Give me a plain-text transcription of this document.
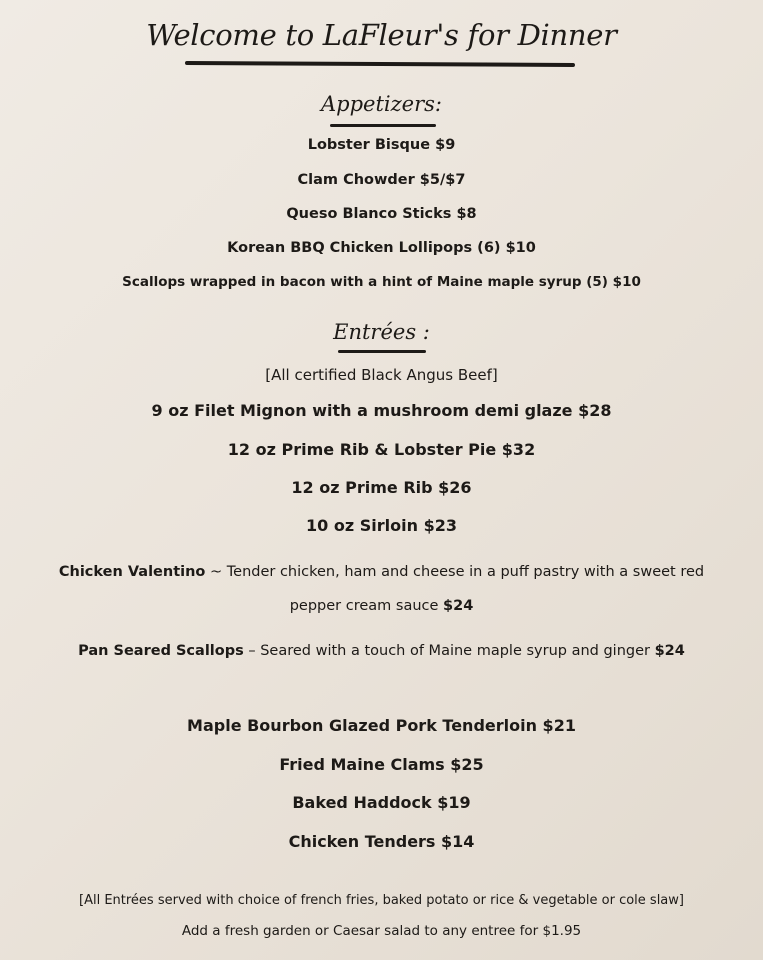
Welcome to LaFleur's for Dinner
Appetizers:
Lobster Bisque $9
Clam Chowder $5/$7
Queso Blanco Sticks $8
Korean BBQ Chicken Lollipops (6) $10
Scallops wrapped in bacon with a hint of Maine maple syrup (5) $10
Entrées :
[All certified Black Angus Beef]
9 oz Filet Mignon with a mushroom demi glaze $28
12 oz Prime Rib & Lobster Pie $32
12 oz Prime Rib $26
10 oz Sirloin $23
Chicken Valentino ~ Tender chicken, ham and cheese in a puff pastry with a sweet red
pepper cream sauce $24
Pan Seared Scallops – Seared with a touch of Maine maple syrup and ginger $24
Maple Bourbon Glazed Pork Tenderloin $21
Fried Maine Clams $25
Baked Haddock $19
Chicken Tenders $14
[All Entrées served with choice of french fries, baked potato or rice & vegetable or cole slaw]
Add a fresh garden or Caesar salad to any entree for $1.95
